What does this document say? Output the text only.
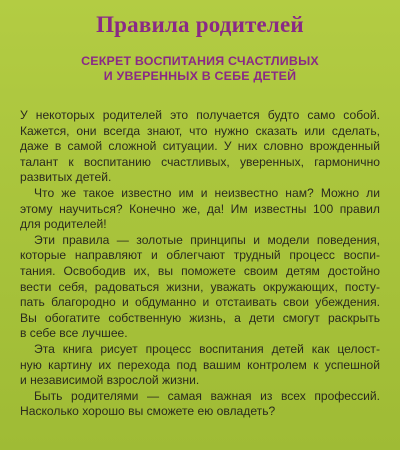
Правила родителей
СЕКРЕТ ВОСПИТАНИЯ СЧАСТЛИВЫХ
И УВЕРЕННЫХ В СЕБЕ ДЕТЕЙ
У некоторых родителей это получается будто само собой.
Кажется, они всегда знают, что нужно сказать или сделать,
даже в самой сложной ситуации. У них словно врожденный
талант к воспитанию счастливых, уверенных, гармонично
развитых детей.
Что же такое известно им и неизвестно нам? Можно ли
этому научиться? Конечно же, да! Им известны 100 правил
для родителей!
Эти правила — золотые принципы и модели поведения,
которые направляют и облегчают трудный процесс воспи-
тания. Освободив их, вы поможете своим детям достойно
вести себя, радоваться жизни, уважать окружающих, посту-
пать благородно и обдуманно и отстаивать свои убеждения.
Вы обогатите собственную жизнь, а дети смогут раскрыть
в себе все лучшее.
Эта книга рисует процесс воспитания детей как целост-
ную картину их перехода под вашим контролем к успешной
и независимой взрослой жизни.
Быть родителями — самая важная из всех профессий.
Насколько хорошо вы сможете ею овладеть?
